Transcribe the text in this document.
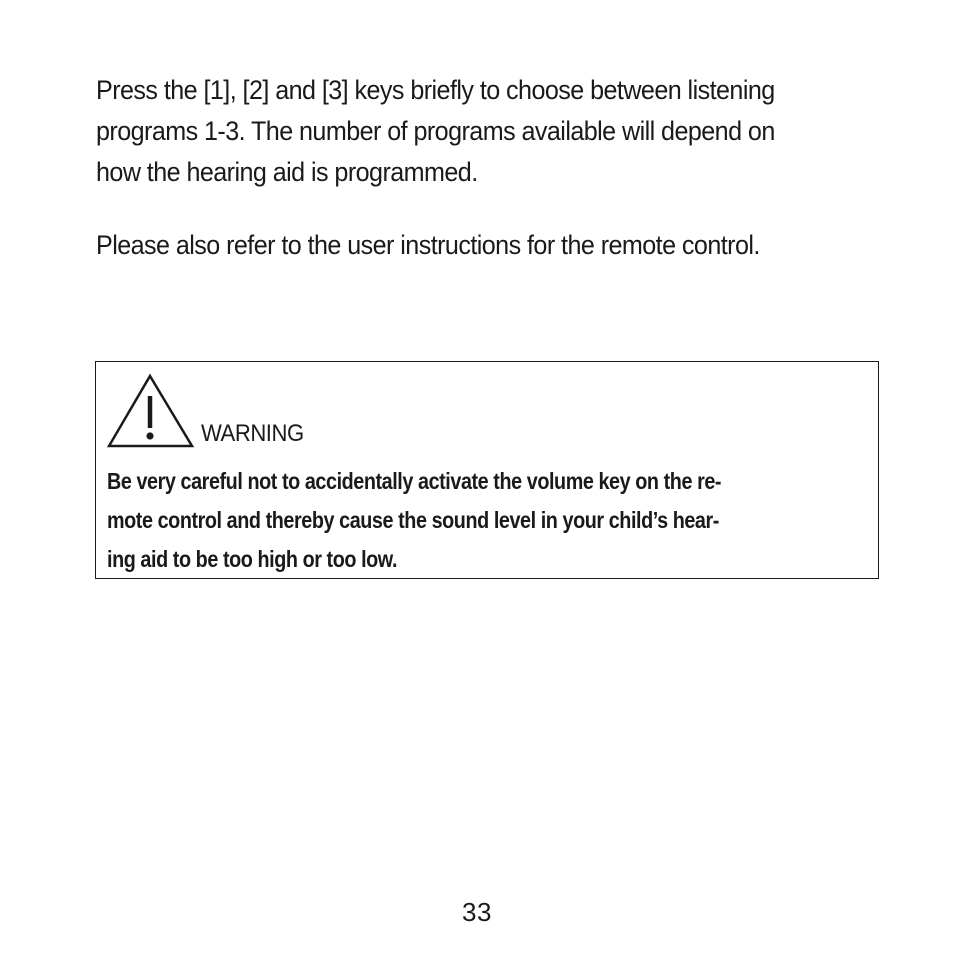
Press the [1], [2] and [3] keys briefly to choose between listening
programs 1-3. The number of programs available will depend on
how the hearing aid is programmed.

Please also refer to the user instructions for the remote control.

WARNING
Be very careful not to accidentally activate the volume key on the re-
mote control and thereby cause the sound level in your child’s hear-
ing aid to be too high or too low.
33
